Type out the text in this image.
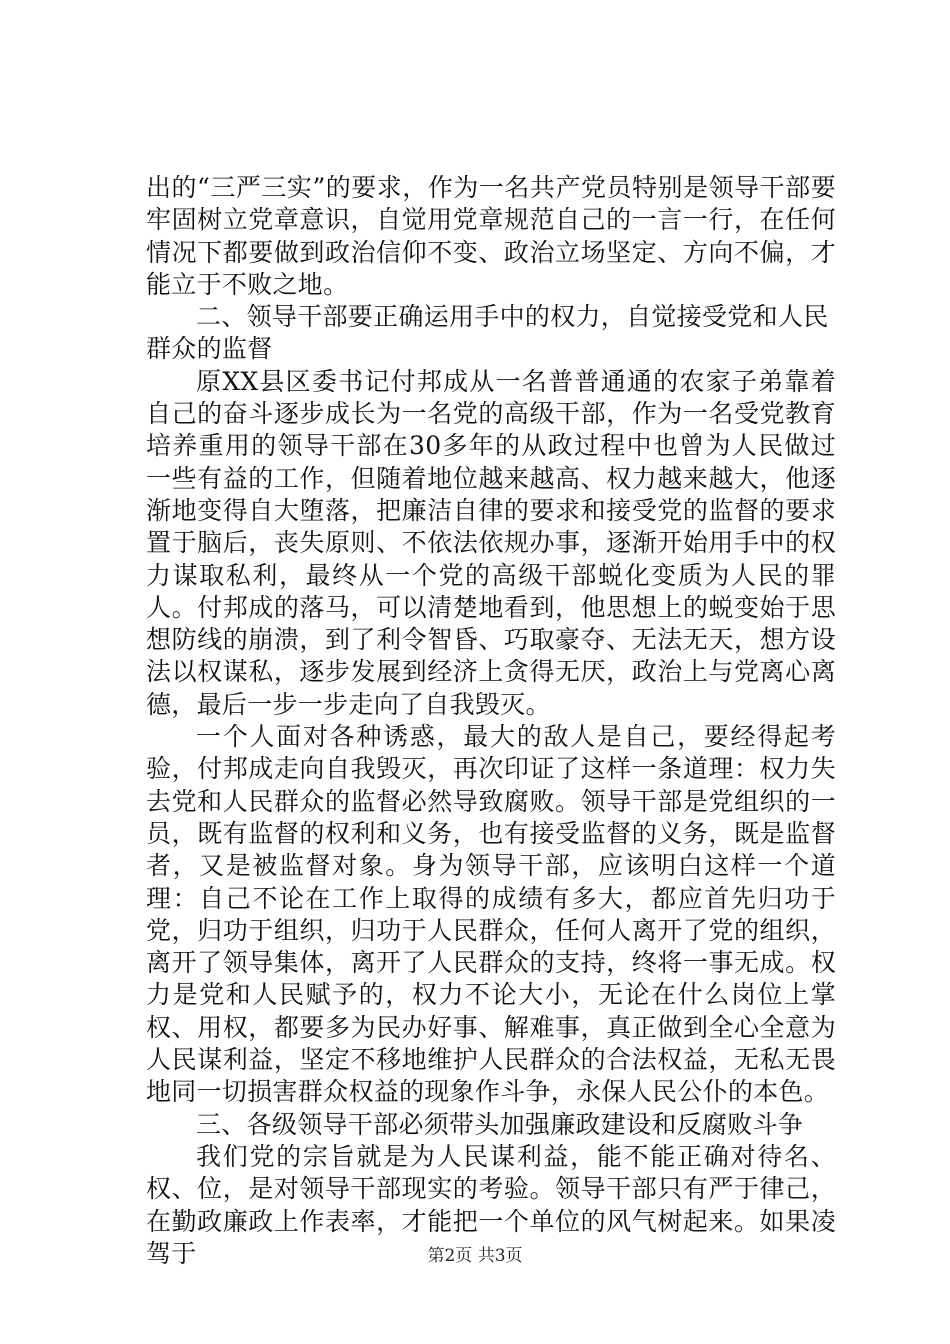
出的“三严三实”的要求，作为一名共产党员特别是领导干部要牢固树立党章意识，自觉用党章规范自己的一言一行，在任何情况下都要做到政治信仰不变、政治立场坚定、方向不偏，才能立于不败之地。

二、领导干部要正确运用手中的权力，自觉接受党和人民群众的监督

原XX县区委书记付邦成从一名普普通通的农家子弟靠着自己的奋斗逐步成长为一名党的高级干部，作为一名受党教育培养重用的领导干部在30多年的从政过程中也曾为人民做过一些有益的工作，但随着地位越来越高、权力越来越大，他逐渐地变得自大堕落，把廉洁自律的要求和接受党的监督的要求置于脑后，丧失原则、不依法依规办事，逐渐开始用手中的权力谋取私利，最终从一个党的高级干部蜕化变质为人民的罪人。付邦成的落马，可以清楚地看到，他思想上的蜕变始于思想防线的崩溃，到了利令智昏、巧取豪夺、无法无天，想方设法以权谋私，逐步发展到经济上贪得无厌，政治上与党离心离德，最后一步一步走向了自我毁灭。

一个人面对各种诱惑，最大的敌人是自己，要经得起考验，付邦成走向自我毁灭，再次印证了这样一条道理：权力失去党和人民群众的监督必然导致腐败。领导干部是党组织的一员，既有监督的权利和义务，也有接受监督的义务，既是监督者，又是被监督对象。身为领导干部，应该明白这样一个道理：自己不论在工作上取得的成绩有多大，都应首先归功于党，归功于组织，归功于人民群众，任何人离开了党的组织，离开了领导集体，离开了人民群众的支持，终将一事无成。权力是党和人民赋予的，权力不论大小，无论在什么岗位上掌权、用权，都要多为民办好事、解难事，真正做到全心全意为人民谋利益，坚定不移地维护人民群众的合法权益，无私无畏地同一切损害群众权益的现象作斗争，永保人民公仆的本色。

三、各级领导干部必须带头加强廉政建设和反腐败斗争

我们党的宗旨就是为人民谋利益，能不能正确对待名、权、位，是对领导干部现实的考验。领导干部只有严于律己，在勤政廉政上作表率，才能把一个单位的风气树起来。如果凌驾于	第2页 共3页
